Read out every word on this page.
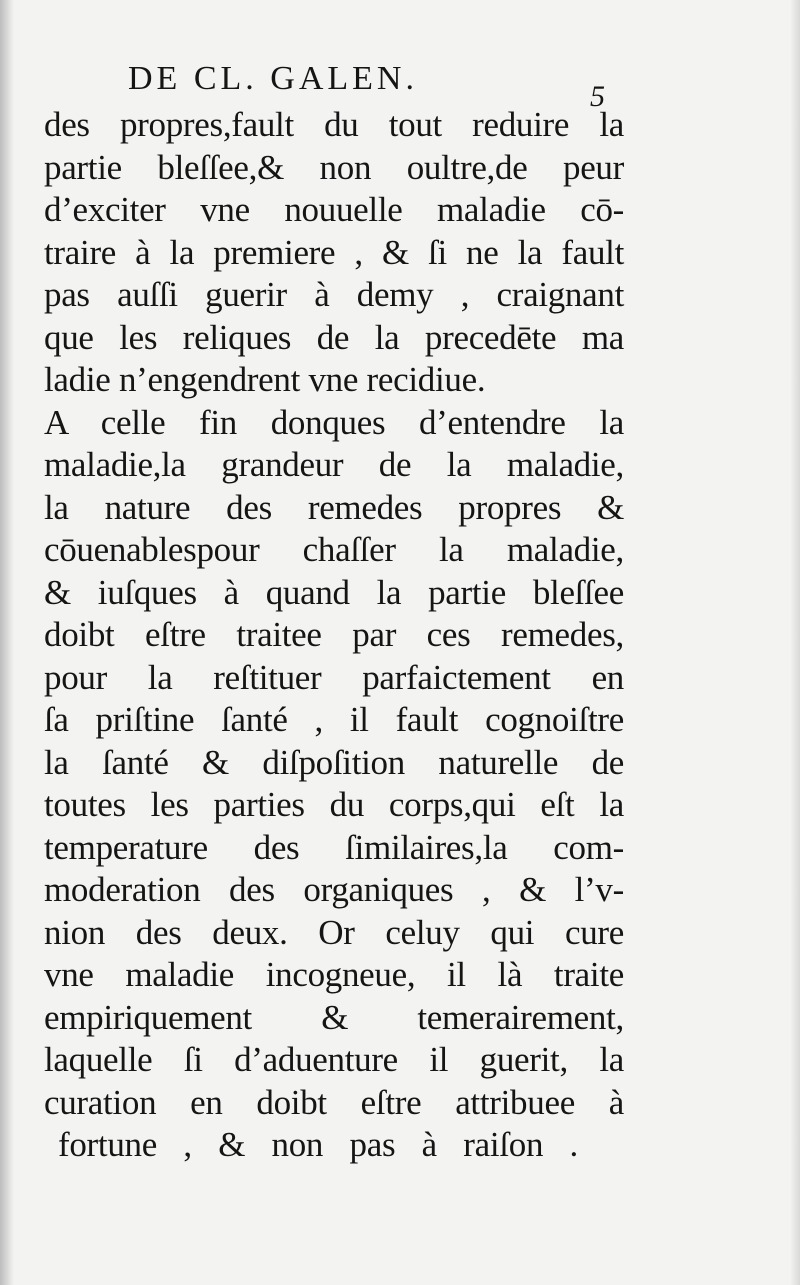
DE CL. GALEN.	5
des propres,fault du tout reduire la
partie bleſſee,& non oultre,de peur
d’exciter vne nouuelle maladie cō-
traire à la premiere , & ſi ne la fault
pas auſſi guerir à demy , craignant
que les reliques de la precedēte ma
ladie n’engendrent vne recidiue.
A celle fin donques d’entendre la
maladie,la grandeur de la maladie,
la nature des remedes propres &
cōuenablespour chaſſer la maladie,
& iuſques à quand la partie bleſſee
doibt eſtre traitee par ces remedes,
pour la reſtituer parfaictement en
ſa priſtine ſanté , il fault cognoiſtre
la ſanté & diſpoſition naturelle de
toutes les parties du corps,qui eſt la
temperature des ſimilaires,la com-
moderation des organiques , & l’v-
nion des deux. Or celuy qui cure
vne maladie incogneue, il là traite
empiriquement & temerairement,
laquelle ſi d’aduenture il guerit, la
curation en doibt eſtre attribuee à
fortune , & non pas à raiſon .
